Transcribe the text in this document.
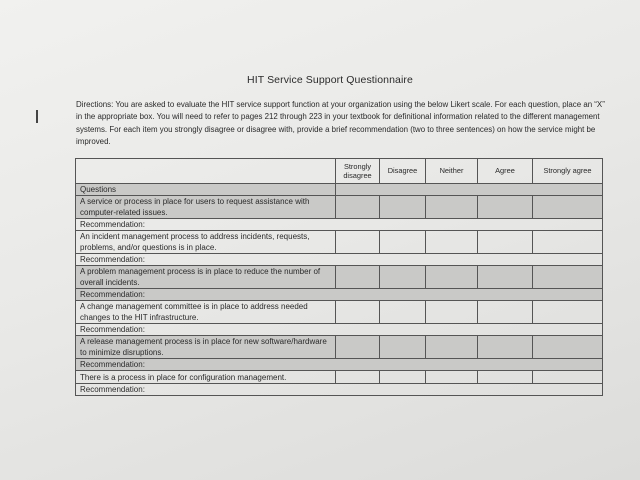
HIT Service Support Questionnaire
Directions: You are asked to evaluate the HIT service support function at your organization using the below Likert scale. For each question, place an “X” in the appropriate box. You will need to refer to pages 212 through 223 in your textbook for definitional information related to the different management systems. For each item you strongly disagree or disagree with, provide a brief recommendation (two to three sentences) on how the service might be improved.
	Strongly disagree	Disagree	Neither	Agree	Strongly agree
Questions					
A service or process in place for users to request assistance with computer-related issues.					
Recommendation:					
An incident management process to address incidents, requests, problems, and/or questions is in place.					
Recommendation:					
A problem management process is in place to reduce the number of overall incidents.					
Recommendation:					
A change management committee is in place to address needed changes to the HIT infrastructure.					
Recommendation:					
A release management process is in place for new software/hardware to minimize disruptions.					
Recommendation:					
There is a process in place for configuration management.					
Recommendation:					
